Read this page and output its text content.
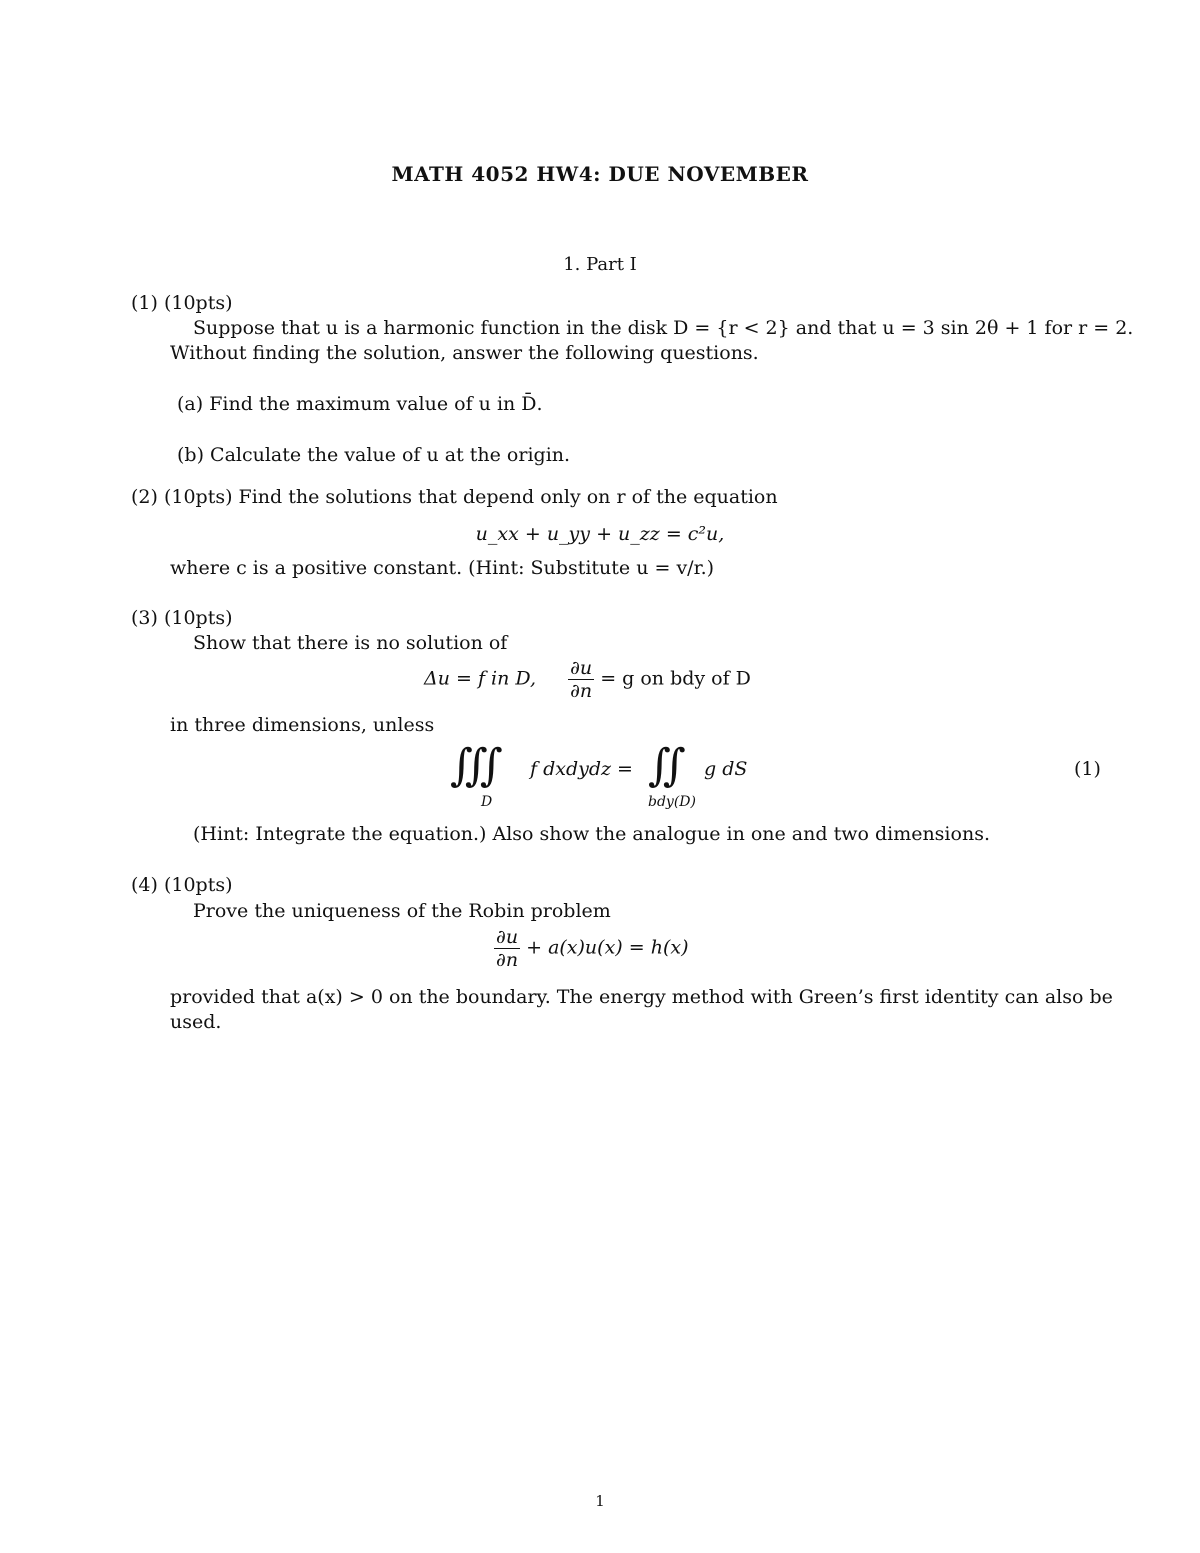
MATH 4052 HW4: DUE NOVEMBER
1. Part I
(1) (10pts)
Suppose that u is a harmonic function in the disk D = {r < 2} and that u = 3 sin 2θ + 1 for r = 2.
Without finding the solution, answer the following questions.
(a) Find the maximum value of u in D̄.
(b) Calculate the value of u at the origin.
(2) (10pts) Find the solutions that depend only on r of the equation
u_xx + u_yy + u_zz = c²u,
where c is a positive constant. (Hint: Substitute u = v/r.)
(3) (10pts)
Show that there is no solution of
Δu = f in D, $\frac{\partial u}{\partial n} = g$ on bdy of D
in three dimensions, unless
∫∫∫
D
f dxdydz = ∫∫
bdy(D)
g dS	(1)
(Hint: Integrate the equation.) Also show the analogue in one and two dimensions.
(4) (10pts)
Prove the uniqueness of the Robin problem
$\frac{\partial u}{\partial n} + a(x)u(x) = h(x)$
provided that a(x) > 0 on the boundary. The energy method with Green’s first identity can also be
used.
1
